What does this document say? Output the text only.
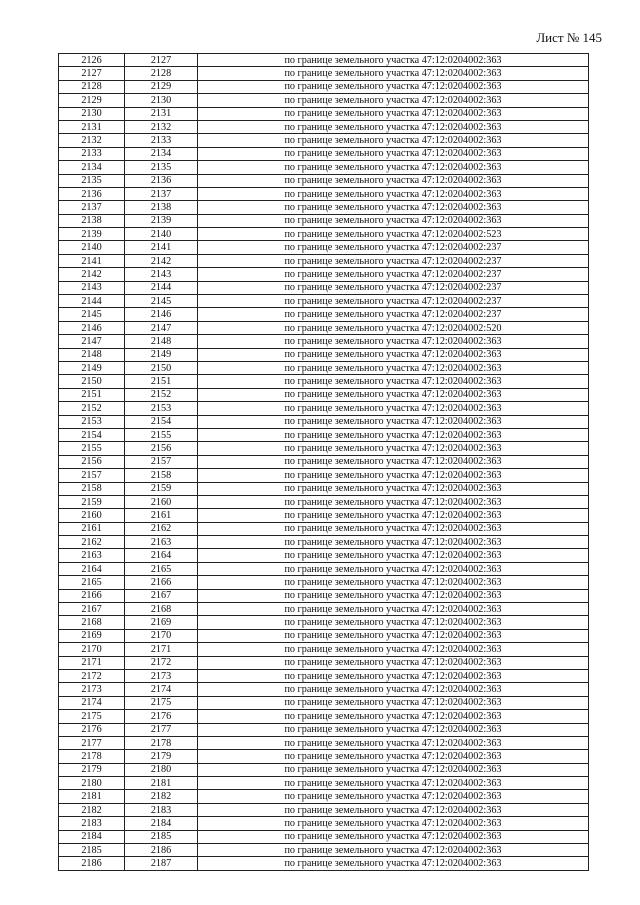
Лист № 145
2126	2127	по границе земельного участка 47:12:0204002:363
2127	2128	по границе земельного участка 47:12:0204002:363
2128	2129	по границе земельного участка 47:12:0204002:363
2129	2130	по границе земельного участка 47:12:0204002:363
2130	2131	по границе земельного участка 47:12:0204002:363
2131	2132	по границе земельного участка 47:12:0204002:363
2132	2133	по границе земельного участка 47:12:0204002:363
2133	2134	по границе земельного участка 47:12:0204002:363
2134	2135	по границе земельного участка 47:12:0204002:363
2135	2136	по границе земельного участка 47:12:0204002:363
2136	2137	по границе земельного участка 47:12:0204002:363
2137	2138	по границе земельного участка 47:12:0204002:363
2138	2139	по границе земельного участка 47:12:0204002:363
2139	2140	по границе земельного участка 47:12:0204002:523
2140	2141	по границе земельного участка 47:12:0204002:237
2141	2142	по границе земельного участка 47:12:0204002:237
2142	2143	по границе земельного участка 47:12:0204002:237
2143	2144	по границе земельного участка 47:12:0204002:237
2144	2145	по границе земельного участка 47:12:0204002:237
2145	2146	по границе земельного участка 47:12:0204002:237
2146	2147	по границе земельного участка 47:12:0204002:520
2147	2148	по границе земельного участка 47:12:0204002:363
2148	2149	по границе земельного участка 47:12:0204002:363
2149	2150	по границе земельного участка 47:12:0204002:363
2150	2151	по границе земельного участка 47:12:0204002:363
2151	2152	по границе земельного участка 47:12:0204002:363
2152	2153	по границе земельного участка 47:12:0204002:363
2153	2154	по границе земельного участка 47:12:0204002:363
2154	2155	по границе земельного участка 47:12:0204002:363
2155	2156	по границе земельного участка 47:12:0204002:363
2156	2157	по границе земельного участка 47:12:0204002:363
2157	2158	по границе земельного участка 47:12:0204002:363
2158	2159	по границе земельного участка 47:12:0204002:363
2159	2160	по границе земельного участка 47:12:0204002:363
2160	2161	по границе земельного участка 47:12:0204002:363
2161	2162	по границе земельного участка 47:12:0204002:363
2162	2163	по границе земельного участка 47:12:0204002:363
2163	2164	по границе земельного участка 47:12:0204002:363
2164	2165	по границе земельного участка 47:12:0204002:363
2165	2166	по границе земельного участка 47:12:0204002:363
2166	2167	по границе земельного участка 47:12:0204002:363
2167	2168	по границе земельного участка 47:12:0204002:363
2168	2169	по границе земельного участка 47:12:0204002:363
2169	2170	по границе земельного участка 47:12:0204002:363
2170	2171	по границе земельного участка 47:12:0204002:363
2171	2172	по границе земельного участка 47:12:0204002:363
2172	2173	по границе земельного участка 47:12:0204002:363
2173	2174	по границе земельного участка 47:12:0204002:363
2174	2175	по границе земельного участка 47:12:0204002:363
2175	2176	по границе земельного участка 47:12:0204002:363
2176	2177	по границе земельного участка 47:12:0204002:363
2177	2178	по границе земельного участка 47:12:0204002:363
2178	2179	по границе земельного участка 47:12:0204002:363
2179	2180	по границе земельного участка 47:12:0204002:363
2180	2181	по границе земельного участка 47:12:0204002:363
2181	2182	по границе земельного участка 47:12:0204002:363
2182	2183	по границе земельного участка 47:12:0204002:363
2183	2184	по границе земельного участка 47:12:0204002:363
2184	2185	по границе земельного участка 47:12:0204002:363
2185	2186	по границе земельного участка 47:12:0204002:363
2186	2187	по границе земельного участка 47:12:0204002:363
